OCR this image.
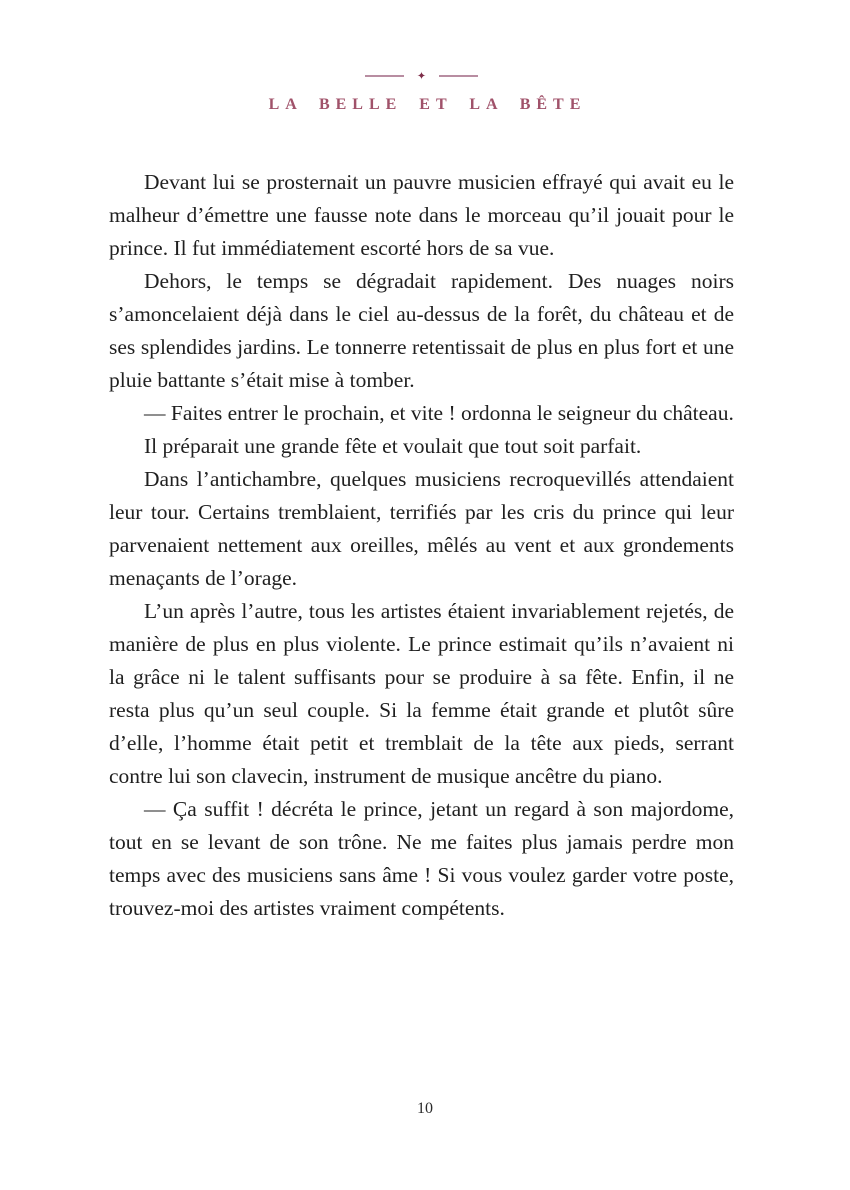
✦
LA BELLE ET LA BÊTE

Devant lui se prosternait un pauvre musicien effrayé qui avait eu le malheur d’émettre une fausse note dans le morceau qu’il jouait pour le prince. Il fut immédiatement escorté hors de sa vue.

Dehors, le temps se dégradait rapidement. Des nuages noirs s’amoncelaient déjà dans le ciel au-dessus de la forêt, du château et de ses splendides jardins. Le tonnerre retentissait de plus en plus fort et une pluie battante s’était mise à tomber.

— Faites entrer le prochain, et vite ! ordonna le seigneur du château.

Il préparait une grande fête et voulait que tout soit parfait.

Dans l’antichambre, quelques musiciens recroquevillés attendaient leur tour. Certains tremblaient, terrifiés par les cris du prince qui leur parvenaient nettement aux oreilles, mêlés au vent et aux grondements menaçants de l’orage.

L’un après l’autre, tous les artistes étaient invariablement rejetés, de manière de plus en plus violente. Le prince estimait qu’ils n’avaient ni la grâce ni le talent suffisants pour se produire à sa fête. Enfin, il ne resta plus qu’un seul couple. Si la femme était grande et plutôt sûre d’elle, l’homme était petit et tremblait de la tête aux pieds, serrant contre lui son clavecin, instrument de musique ancêtre du piano.

— Ça suffit ! décréta le prince, jetant un regard à son majordome, tout en se levant de son trône. Ne me faites plus jamais perdre mon temps avec des musiciens sans âme ! Si vous voulez garder votre poste, trouvez-moi des artistes vraiment compétents.

10
